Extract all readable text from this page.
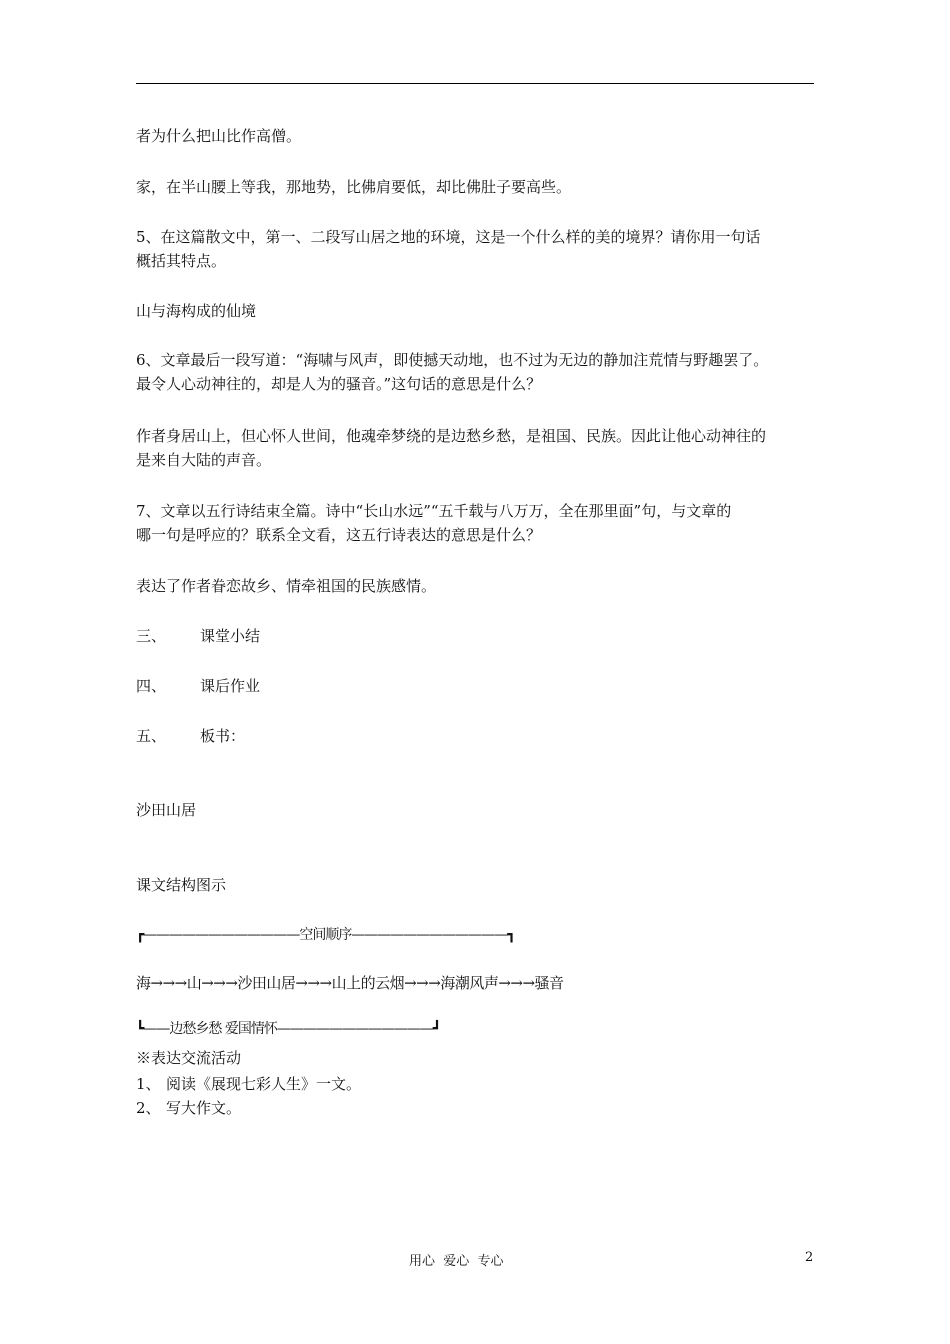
者为什么把山比作高僧。
家，在半山腰上等我，那地势，比佛肩要低，却比佛肚子要高些。
5、在这篇散文中，第一、二段写山居之地的环境，这是一个什么样的美的境界？请你用一句话
概括其特点。
山与海构成的仙境
6、文章最后一段写道：“海啸与风声，即使撼天动地，也不过为无边的静加注荒情与野趣罢了。
最令人心动神往的，却是人为的骚音。”这句话的意思是什么？
作者身居山上，但心怀人世间，他魂牵梦绕的是边愁乡愁，是祖国、民族。因此让他心动神往的
是来自大陆的声音。
7、文章以五行诗结束全篇。诗中“长山水远”“五千载与八万万，全在那里面”句，与文章的
哪一句是呼应的？联系全文看，这五行诗表达的意思是什么？
表达了作者眷恋故乡、情牵祖国的民族感情。
三、 课堂小结
四、 课后作业
五、 板书：
沙田山居
课文结构图示
┏————————————空间顺序————————————┓
海→→→山→→→沙田山居→→→山上的云烟→→→海潮风声→→→骚音
┗——边愁乡愁 爱国情怀————————————┛
※表达交流活动
1、 阅读《展现七彩人生》一文。
2、 写大作文。
用心  爱心  专心	2
